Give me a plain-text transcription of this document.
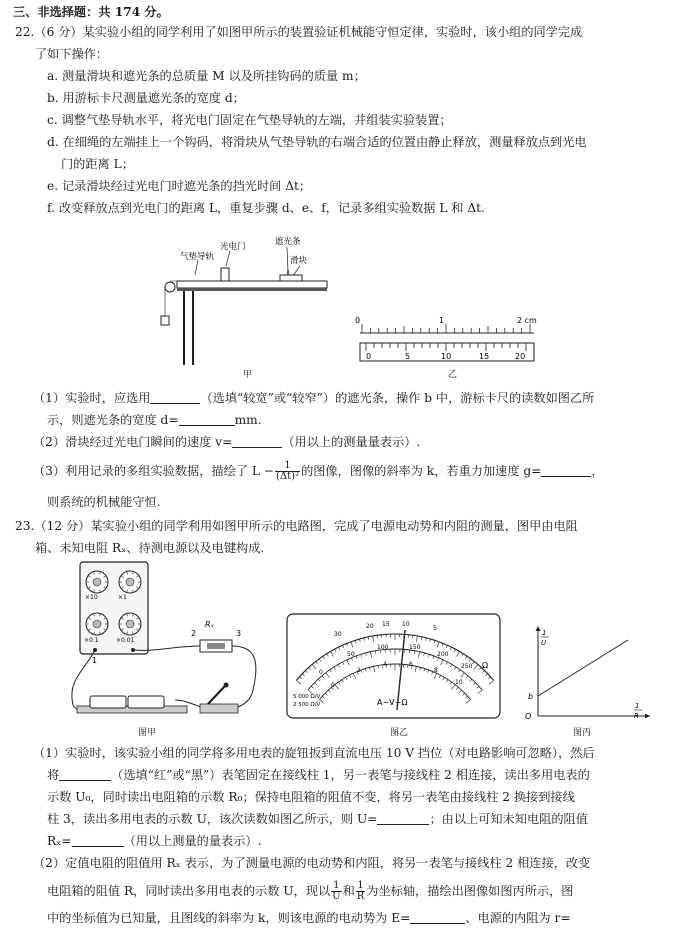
三、非选择题：共 174 分。
22.（6 分）某实验小组的同学利用了如图甲所示的装置验证机械能守恒定律，实验时，该小组的同学完成
了如下操作：
a. 测量滑块和遮光条的总质量 M 以及所挂钩码的质量 m；
b. 用游标卡尺测量遮光条的宽度 d；
c. 调整气垫导轨水平，将光电门固定在气垫导轨的左端，并组装实验装置；
d. 在细绳的左端挂上一个钩码，将滑块从气垫导轨的右端合适的位置由静止释放，测量释放点到光电
门的距离 L；
e. 记录滑块经过光电门时遮光条的挡光时间 Δt；
f. 改变释放点到光电门的距离 L，重复步骤 d、e、f，记录多组实验数据 L 和 Δt.
气垫导轨
光电门	遮光条
滑块
甲
0	1	2 cm
0	5	10	15	20
乙
（1）实验时，应选用	（选填“较宽”或“较窄”）的遮光条，操作 b 中，游标卡尺的读数如图乙所
示，则遮光条的宽度 d=	mm.
（2）滑块经过光电门瞬间的速度 v=	（用以上的测量量表示）.
（3）利用记录的多组实验数据，描绘了 $L - \frac{1}{\text{(Δt)²}}$ 的图像，图像的斜率为 k，若重力加速度 g=	，
则系统的机械能守恒.
23.（12 分）某实验小组的同学利用如图甲所示的电路图，完成了电源电动势和内阻的测量，图甲由电阻
箱、未知电阻 Rₓ、待测电源以及电键构成.
×10	×1
×0.1	×0.01
1
2	3
Rₓ
图甲
Ω
A−V−Ω
5 000 Ω/V
2 500 Ω/V
30
20 15 10
5
0
50
100	150
200
250
0
2
4	6
8
10
图乙
1
U
1
R
b
O
图丙
（1）实验时，该实验小组的同学将多用电表的旋钮扳到直流电压 10 V 挡位（对电路影响可忽略），然后
将	（选填“红”或“黑”）表笔固定在接线柱 1，另一表笔与接线柱 2 相连接，读出多用电表的
示数 U₀，同时读出电阻箱的示数 R₀；保持电阻箱的阻值不变，将另一表笔由接线柱 2 换接到接线
柱 3，读出多用电表的示数 U，该次读数如图乙所示，则 U=	；由以上可知未知电阻的阻值
Rₓ=	（用以上测量的量表示）.
（2）定值电阻的阻值用 Rₓ 表示，为了测量电源的电动势和内阻，将另一表笔与接线柱 2 相连接，改变
电阻箱的阻值 R，同时读出多用电表的示数 U，现以 $\frac{1}{U}$ 和 $\frac{1}{R}$ 为坐标轴，描绘出图像如图丙所示，图
中的坐标值为已知量，且图线的斜率为 k，则该电源的电动势为 E=	、电源的内阻为 r=
